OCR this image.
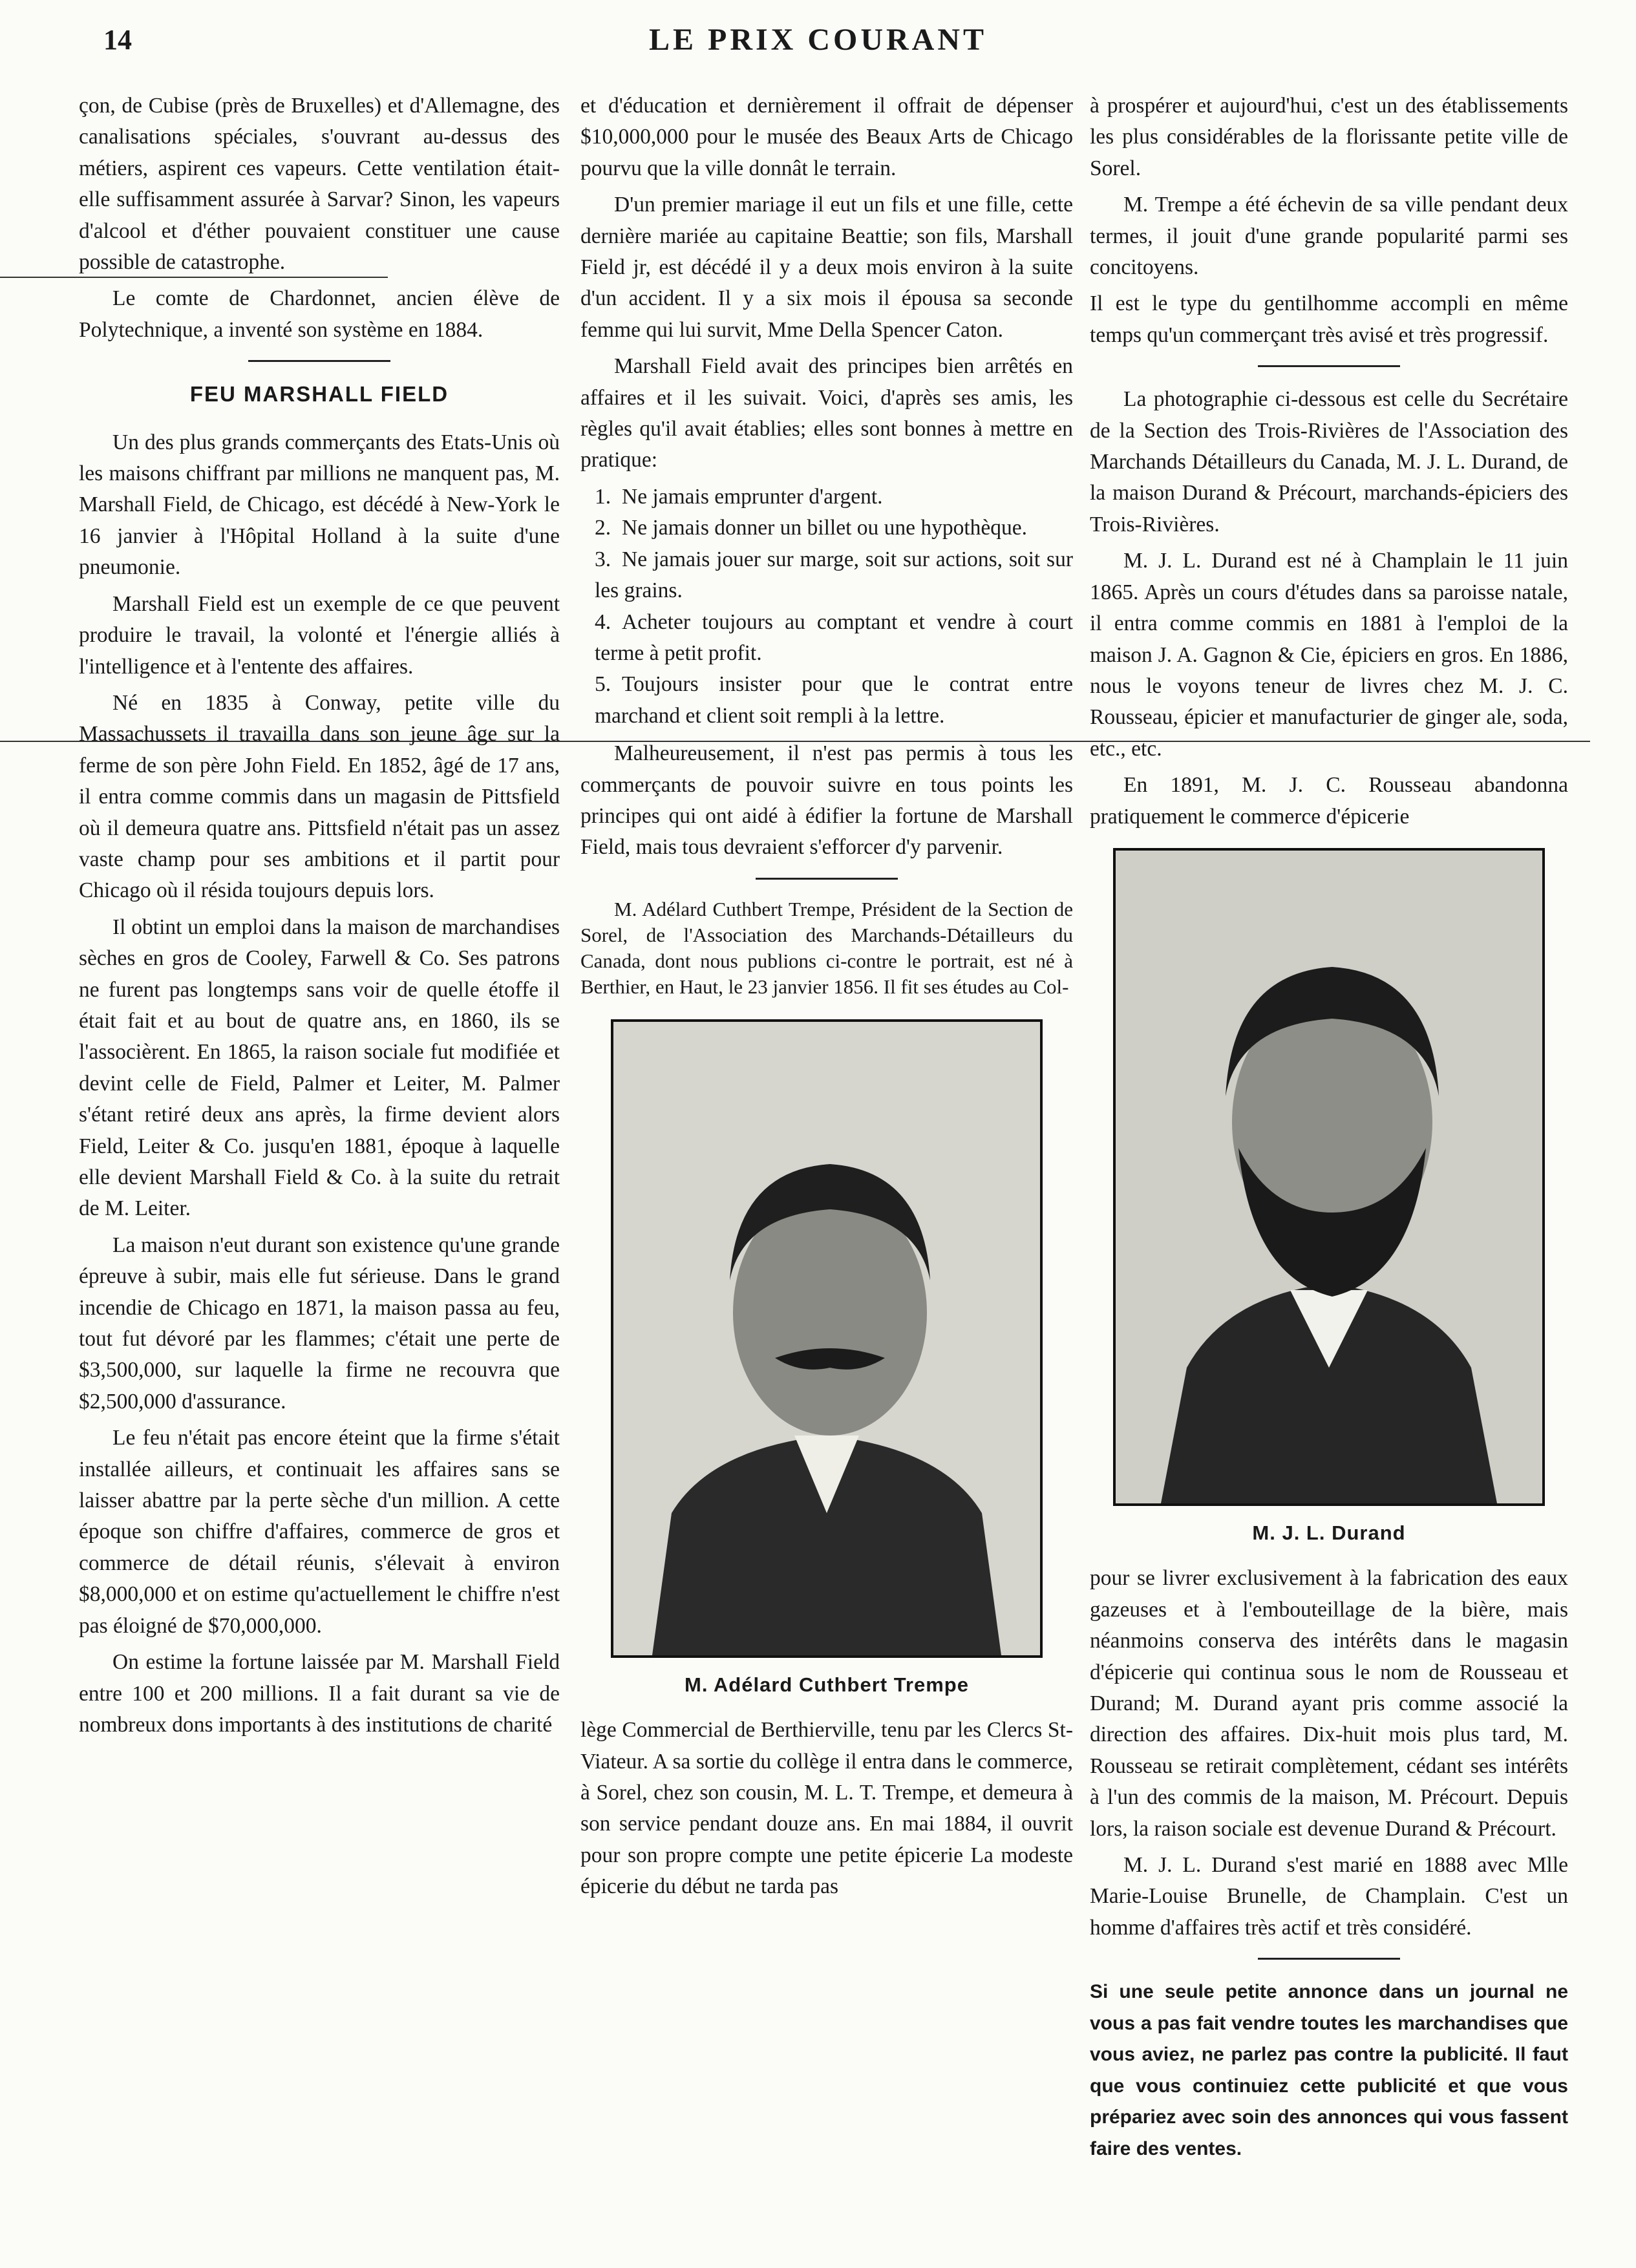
14	LE PRIX COURANT

çon, de Cubise (près de Bruxelles) et d'Allemagne, des canalisations spéciales, s'ouvrant au-dessus des métiers, aspirent ces vapeurs. Cette ventilation était-elle suffisamment assurée à Sarvar? Sinon, les vapeurs d'alcool et d'éther pouvaient constituer une cause possible de catastrophe.

Le comte de Chardonnet, ancien élève de Polytechnique, a inventé son système en 1884.

FEU MARSHALL FIELD

Un des plus grands commerçants des Etats-Unis où les maisons chiffrant par millions ne manquent pas, M. Marshall Field, de Chicago, est décédé à New-York le 16 janvier à l'Hôpital Holland à la suite d'une pneumonie.

Marshall Field est un exemple de ce que peuvent produire le travail, la volonté et l'énergie alliés à l'intelligence et à l'entente des affaires.

Né en 1835 à Conway, petite ville du Massachussets il travailla dans son jeune âge sur la ferme de son père John Field. En 1852, âgé de 17 ans, il entra comme commis dans un magasin de Pittsfield où il demeura quatre ans. Pittsfield n'était pas un assez vaste champ pour ses ambitions et il partit pour Chicago où il résida toujours depuis lors.

Il obtint un emploi dans la maison de marchandises sèches en gros de Cooley, Farwell & Co. Ses patrons ne furent pas longtemps sans voir de quelle étoffe il était fait et au bout de quatre ans, en 1860, ils se l'associèrent. En 1865, la raison sociale fut modifiée et devint celle de Field, Palmer et Leiter, M. Palmer s'étant retiré deux ans après, la firme devient alors Field, Leiter & Co. jusqu'en 1881, époque à laquelle elle devient Marshall Field & Co. à la suite du retrait de M. Leiter.

La maison n'eut durant son existence qu'une grande épreuve à subir, mais elle fut sérieuse. Dans le grand incendie de Chicago en 1871, la maison passa au feu, tout fut dévoré par les flammes; c'était une perte de $3,500,000, sur laquelle la firme ne recouvra que $2,500,000 d'assurance.

Le feu n'était pas encore éteint que la firme s'était installée ailleurs, et continuait les affaires sans se laisser abattre par la perte sèche d'un million. A cette époque son chiffre d'affaires, commerce de gros et commerce de détail réunis, s'élevait à environ $8,000,000 et on estime qu'actuellement le chiffre n'est pas éloigné de $70,000,000.

On estime la fortune laissée par M. Marshall Field entre 100 et 200 millions. Il a fait durant sa vie de nombreux dons importants à des institutions de charité

et d'éducation et dernièrement il offrait de dépenser $10,000,000 pour le musée des Beaux Arts de Chicago pourvu que la ville donnât le terrain.

D'un premier mariage il eut un fils et une fille, cette dernière mariée au capitaine Beattie; son fils, Marshall Field jr, est décédé il y a deux mois environ à la suite d'un accident. Il y a six mois il épousa sa seconde femme qui lui survit, Mme Della Spencer Caton.

Marshall Field avait des principes bien arrêtés en affaires et il les suivait. Voici, d'après ses amis, les règles qu'il avait établies; elles sont bonnes à mettre en pratique:

1. Ne jamais emprunter d'argent.
2. Ne jamais donner un billet ou une hypothèque.
3. Ne jamais jouer sur marge, soit sur actions, soit sur les grains.
4. Acheter toujours au comptant et vendre à court terme à petit profit.
5. Toujours insister pour que le contrat entre marchand et client soit rempli à la lettre.

Malheureusement, il n'est pas permis à tous les commerçants de pouvoir suivre en tous points les principes qui ont aidé à édifier la fortune de Marshall Field, mais tous devraient s'efforcer d'y parvenir.

M. Adélard Cuthbert Trempe, Président de la Section de Sorel, de l'Association des Marchands-Détailleurs du Canada, dont nous publions ci-contre le portrait, est né à Berthier, en Haut, le 23 janvier 1856. Il fit ses études au Col-

M. Adélard Cuthbert Trempe

lège Commercial de Berthierville, tenu par les Clercs St-Viateur. A sa sortie du collège il entra dans le commerce, à Sorel, chez son cousin, M. L. T. Trempe, et demeura à son service pendant douze ans. En mai 1884, il ouvrit pour son propre compte une petite épicerie La modeste épicerie du début ne tarda pas

à prospérer et aujourd'hui, c'est un des établissements les plus considérables de la florissante petite ville de Sorel.

M. Trempe a été échevin de sa ville pendant deux termes, il jouit d'une grande popularité parmi ses concitoyens.

Il est le type du gentilhomme accompli en même temps qu'un commerçant très avisé et très progressif.

La photographie ci-dessous est celle du Secrétaire de la Section des Trois-Rivières de l'Association des Marchands Détailleurs du Canada, M. J. L. Durand, de la maison Durand & Précourt, marchands-épiciers des Trois-Rivières.

M. J. L. Durand est né à Champlain le 11 juin 1865. Après un cours d'études dans sa paroisse natale, il entra comme commis en 1881 à l'emploi de la maison J. A. Gagnon & Cie, épiciers en gros. En 1886, nous le voyons teneur de livres chez M. J. C. Rousseau, épicier et manufacturier de ginger ale, soda, etc., etc.

En 1891, M. J. C. Rousseau abandonna pratiquement le commerce d'épicerie

M. J. L. Durand

pour se livrer exclusivement à la fabrication des eaux gazeuses et à l'embouteillage de la bière, mais néanmoins conserva des intérêts dans le magasin d'épicerie qui continua sous le nom de Rousseau et Durand; M. Durand ayant pris comme associé la direction des affaires. Dix-huit mois plus tard, M. Rousseau se retirait complètement, cédant ses intérêts à l'un des commis de la maison, M. Précourt. Depuis lors, la raison sociale est devenue Durand & Précourt.

M. J. L. Durand s'est marié en 1888 avec Mlle Marie-Louise Brunelle, de Champlain. C'est un homme d'affaires très actif et très considéré.

Si une seule petite annonce dans un journal ne vous a pas fait vendre toutes les marchandises que vous aviez, ne parlez pas contre la publicité. Il faut que vous continuiez cette publicité et que vous prépariez avec soin des annonces qui vous fassent faire des ventes.
